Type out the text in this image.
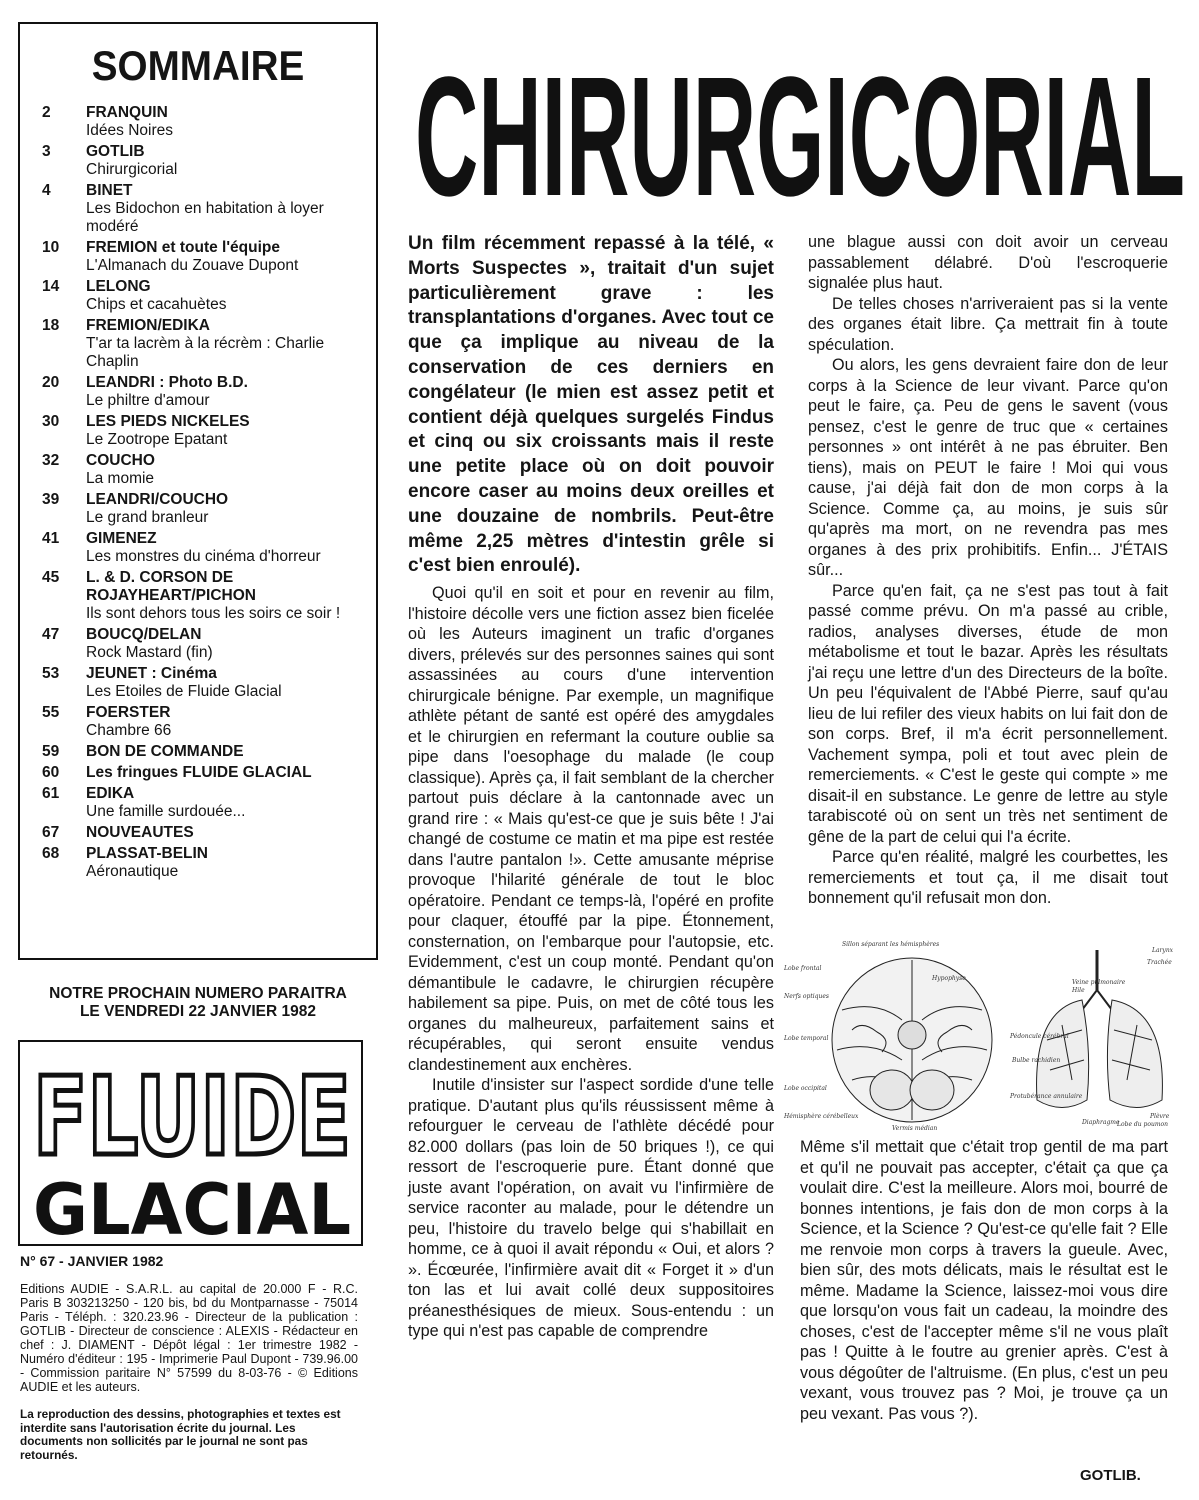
SOMMAIRE
2	FRANQUIN
Idées Noires
3	GOTLIB
Chirurgicorial
4	BINET
Les Bidochon en habitation à loyer modéré
10	FREMION et toute l'équipe
L'Almanach du Zouave Dupont
14	LELONG
Chips et cacahuètes
18	FREMION/EDIKA
T'ar ta lacrèm à la récrèm : Charlie Chaplin
20	LEANDRI : Photo B.D.
Le philtre d'amour
30	LES PIEDS NICKELES
Le Zootrope Epatant
32	COUCHO
La momie
39	LEANDRI/COUCHO
Le grand branleur
41	GIMENEZ
Les monstres du cinéma d'horreur
45	L. & D. CORSON DE ROJAYHEART/PICHON
Ils sont dehors tous les soirs ce soir !
47	BOUCQ/DELAN
Rock Mastard (fin)
53	JEUNET : Cinéma
Les Etoiles de Fluide Glacial
55	FOERSTER
Chambre 66
59	BON DE COMMANDE
60	Les fringues FLUIDE GLACIAL
61	EDIKA
Une famille surdouée...
67	NOUVEAUTES
68	PLASSAT-BELIN
Aéronautique
NOTRE PROCHAIN NUMERO PARAITRA
LE VENDREDI 22 JANVIER 1982
FLUIDE
GLACIAL
N° 67 - JANVIER 1982
Editions AUDIE - S.A.R.L. au capital de 20.000 F - R.C. Paris B 303213250 - 120 bis, bd du Montparnasse - 75014 Paris - Téléph. : 320.23.96 - Directeur de la publication : GOTLIB - Directeur de conscience : ALEXIS - Rédacteur en chef : J. DIAMENT - Dépôt légal : 1er trimestre 1982 - Numéro d'éditeur : 195 - Imprimerie Paul Dupont - 739.96.00 - Commission paritaire N° 57599 du 8-03-76 - © Editions AUDIE et les auteurs.
La reproduction des dessins, photographies et textes est interdite sans l'autorisation écrite du journal. Les documents non sollicités par le journal ne sont pas retournés.
CHIRURGICORIAL

Un film récemment repassé à la télé, « Morts Suspectes », traitait d'un sujet particulièrement grave : les transplantations d'organes. Avec tout ce que ça implique au niveau de la conservation de ces derniers en congélateur (le mien est assez petit et contient déjà quelques surgelés Findus et cinq ou six croissants mais il reste une petite place où on doit pouvoir encore caser au moins deux oreilles et une douzaine de nombrils. Peut-être même 2,25 mètres d'intestin grêle si c'est bien enroulé).

Quoi qu'il en soit et pour en revenir au film, l'histoire décolle vers une fiction assez bien ficelée où les Auteurs imaginent un trafic d'organes divers, prélevés sur des personnes saines qui sont assassinées au cours d'une intervention chirurgicale bénigne. Par exemple, un magnifique athlète pétant de santé est opéré des amygdales et le chirurgien en refermant la couture oublie sa pipe dans l'oesophage du malade (le coup classique). Après ça, il fait semblant de la chercher partout puis déclare à la cantonnade avec un grand rire : « Mais qu'est-ce que je suis bête ! J'ai changé de costume ce matin et ma pipe est restée dans l'autre pantalon !». Cette amusante méprise provoque l'hilarité générale de tout le bloc opératoire. Pendant ce temps-là, l'opéré en profite pour claquer, étouffé par la pipe. Étonnement, consternation, on l'embarque pour l'autopsie, etc. Evidemment, c'est un coup monté. Pendant qu'on démantibule le cadavre, le chirurgien récupère habilement sa pipe. Puis, on met de côté tous les organes du malheureux, parfaitement sains et récupérables, qui seront ensuite vendus clandestinement aux enchères.

Inutile d'insister sur l'aspect sordide d'une telle pratique. D'autant plus qu'ils réussissent même à refourguer le cerveau de l'athlète décédé pour 82.000 dollars (pas loin de 50 briques !), ce qui ressort de l'escroquerie pure. Étant donné que juste avant l'opération, on avait vu l'infirmière de service raconter au malade, pour le détendre un peu, l'histoire du travelo belge qui s'habillait en homme, ce à quoi il avait répondu « Oui, et alors ? ». Écœurée, l'infirmière avait dit « Forget it » d'un ton las et lui avait collé deux suppositoires préanesthésiques de mieux. Sous-entendu : un type qui n'est pas capable de comprendre

une blague aussi con doit avoir un cerveau passablement délabré. D'où l'escroquerie signalée plus haut.

De telles choses n'arriveraient pas si la vente des organes était libre. Ça mettrait fin à toute spéculation.

Ou alors, les gens devraient faire don de leur corps à la Science de leur vivant. Parce qu'on peut le faire, ça. Peu de gens le savent (vous pensez, c'est le genre de truc que « certaines personnes » ont intérêt à ne pas ébruiter. Ben tiens), mais on PEUT le faire ! Moi qui vous cause, j'ai déjà fait don de mon corps à la Science. Comme ça, au moins, je suis sûr qu'après ma mort, on ne revendra pas mes organes à des prix prohibitifs. Enfin... J'ÉTAIS sûr...

Parce qu'en fait, ça ne s'est pas tout à fait passé comme prévu. On m'a passé au crible, radios, analyses diverses, étude de mon métabolisme et tout le bazar. Après les résultats j'ai reçu une lettre d'un des Directeurs de la boîte. Un peu l'équivalent de l'Abbé Pierre, sauf qu'au lieu de lui refiler des vieux habits on lui fait don de son corps. Bref, il m'a écrit personnellement. Vachement sympa, poli et tout avec plein de remerciements. « C'est le geste qui compte » me disait-il en substance. Le genre de lettre au style tarabiscoté où on sent un très net sentiment de gêne de la part de celui qui l'a écrite.

Parce qu'en réalité, malgré les courbettes, les remerciements et tout ça, il me disait tout bonnement qu'il refusait mon don.

Sillon séparant les hémisphères
Lobe frontal
Nerfs optiques
Hypophyse
Lobe temporal	Pédoncule cérébral
Bulbe rachidien
Lobe occipital
Protubérance annulaire
Hémisphère cérébelleux
Vermis médian
Larynx
Trachée
Veine pulmonaire
Hile
Diaphragme
Plèvre
Lobe du poumon

Même s'il mettait que c'était trop gentil de ma part et qu'il ne pouvait pas accepter, c'était ça que ça voulait dire. C'est la meilleure. Alors moi, bourré de bonnes intentions, je fais don de mon corps à la Science, et la Science ? Qu'est-ce qu'elle fait ? Elle me renvoie mon corps à travers la gueule. Avec, bien sûr, des mots délicats, mais le résultat est le même. Madame la Science, laissez-moi vous dire que lorsqu'on vous fait un cadeau, la moindre des choses, c'est de l'accepter même s'il ne vous plaît pas ! Quitte à le foutre au grenier après. C'est à vous dégoûter de l'altruisme. (En plus, c'est un peu vexant, vous trouvez pas ? Moi, je trouve ça un peu vexant. Pas vous ?).

GOTLIB.
